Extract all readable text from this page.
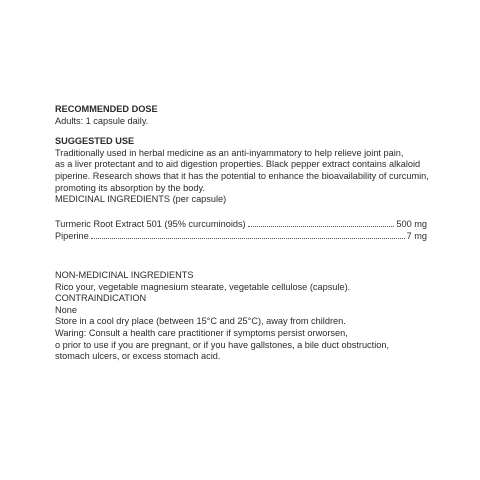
RECOMMENDED DOSE

Adults: 1 capsule daily.

SUGGESTED USE

Traditionally used in herbal medicine as an anti-inyammatory to help relieve joint pain,

as a liver protectant and to aid digestion properties. Black pepper extract contains alkaloid

piperine. Research shows that it has the potential to enhance the bioavailability of curcumin,

promoting its absorption by the body.

MEDICINAL INGREDIENTS (per capsule)

Turmeric Root Extract 501 (95% curcuminoids)	500 mg
Piperine	7 mg

NON-MEDICINAL INGREDIENTS

Rico your, vegetable magnesium stearate, vegetable cellulose (capsule).

CONTRAINDICATION

None

Store in a cool dry place (between 15°C and 25°C), away from children.

Waring: Consult a health care practitioner if symptoms persist orworsen,

o prior to use if you are pregnant, or if you have gallstones, a bile duct obstruction,

stomach ulcers, or excess stomach acid.
